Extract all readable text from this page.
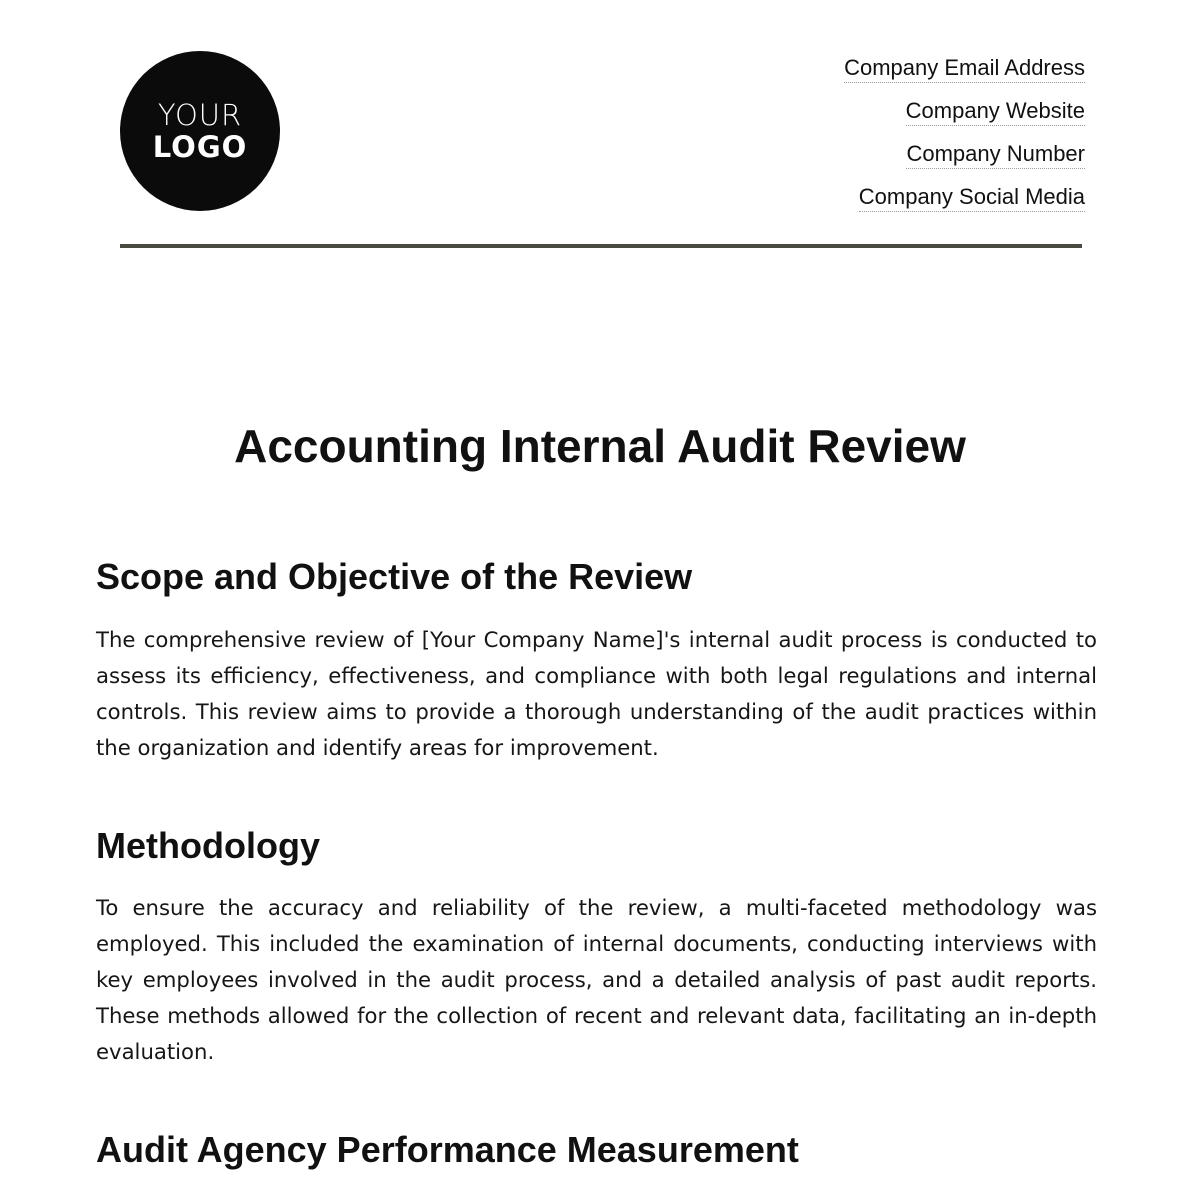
YOUR
LOGO
Company Email Address
Company Website
Company Number
Company Social Media
Accounting Internal Audit Review
Scope and Objective of the Review

The comprehensive review of [Your Company Name]'s internal audit process is conducted to assess its efficiency, effectiveness, and compliance with both legal regulations and internal controls. This review aims to provide a thorough understanding of the audit practices within the organization and identify areas for improvement.

Methodology

To ensure the accuracy and reliability of the review, a multi-faceted methodology was employed. This included the examination of internal documents, conducting interviews with key employees involved in the audit process, and a detailed analysis of past audit reports. These methods allowed for the collection of recent and relevant data, facilitating an in-depth evaluation.

Audit Agency Performance Measurement
